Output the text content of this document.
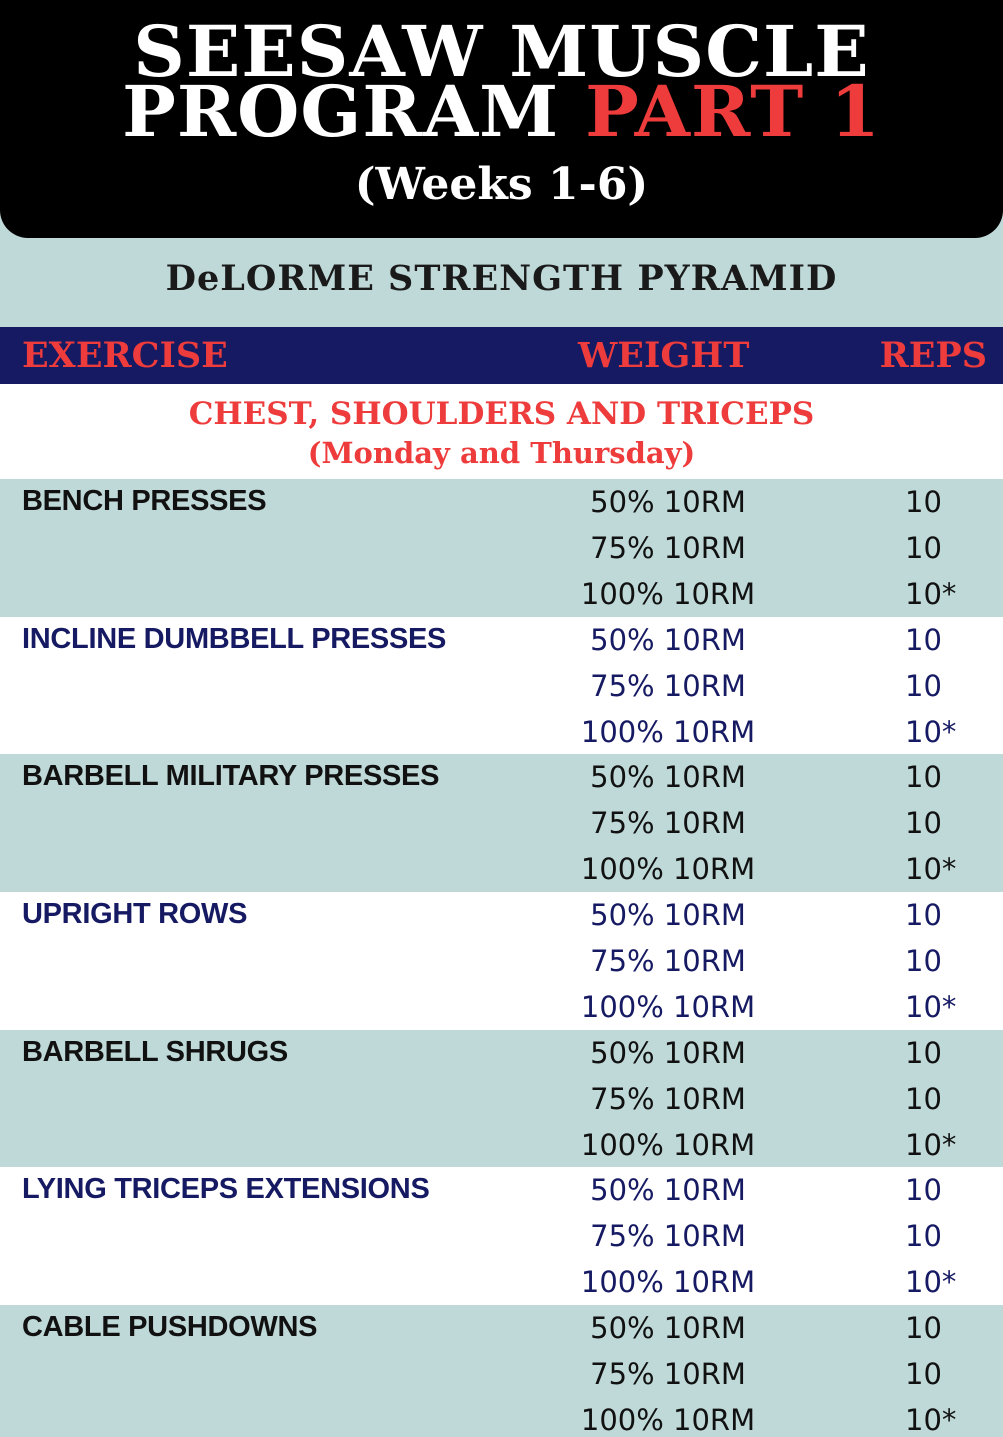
SEESAW MUSCLE
PROGRAM PART 1
(Weeks 1-6)
DeLORME STRENGTH PYRAMID
EXERCISE	WEIGHT	REPS
CHEST, SHOULDERS AND TRICEPS
(Monday and Thursday)
BENCH PRESSES	50% 10RM	10
75% 10RM	10
100% 10RM	10*
INCLINE DUMBBELL PRESSES	50% 10RM	10
75% 10RM	10
100% 10RM	10*
BARBELL MILITARY PRESSES	50% 10RM	10
75% 10RM	10
100% 10RM	10*
UPRIGHT ROWS	50% 10RM	10
75% 10RM	10
100% 10RM	10*
BARBELL SHRUGS	50% 10RM	10
75% 10RM	10
100% 10RM	10*
LYING TRICEPS EXTENSIONS	50% 10RM	10
75% 10RM	10
100% 10RM	10*
CABLE PUSHDOWNS	50% 10RM	10
75% 10RM	10
100% 10RM	10*
